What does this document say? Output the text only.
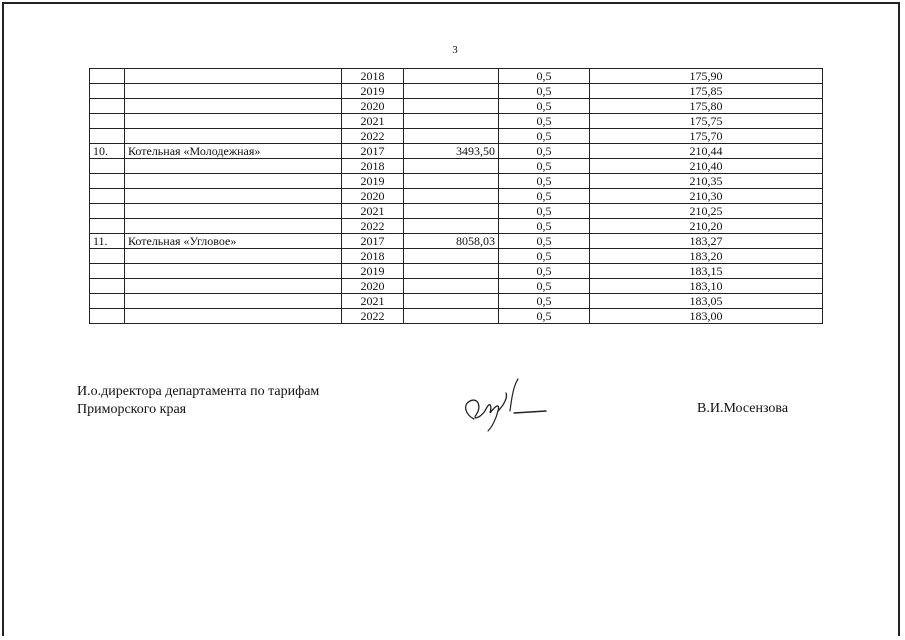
3
		2018		0,5	175,90
		2019		0,5	175,85
		2020		0,5	175,80
		2021		0,5	175,75
		2022		0,5	175,70
10.	Котельная «Молодежная»	2017	3493,50	0,5	210,44
		2018		0,5	210,40
		2019		0,5	210,35
		2020		0,5	210,30
		2021		0,5	210,25
		2022		0,5	210,20
11.	Котельная «Угловое»	2017	8058,03	0,5	183,27
		2018		0,5	183,20
		2019		0,5	183,15
		2020		0,5	183,10
		2021		0,5	183,05
		2022		0,5	183,00
И.о.директора департамента по тарифам
Приморского края	В.И.Мосензова
